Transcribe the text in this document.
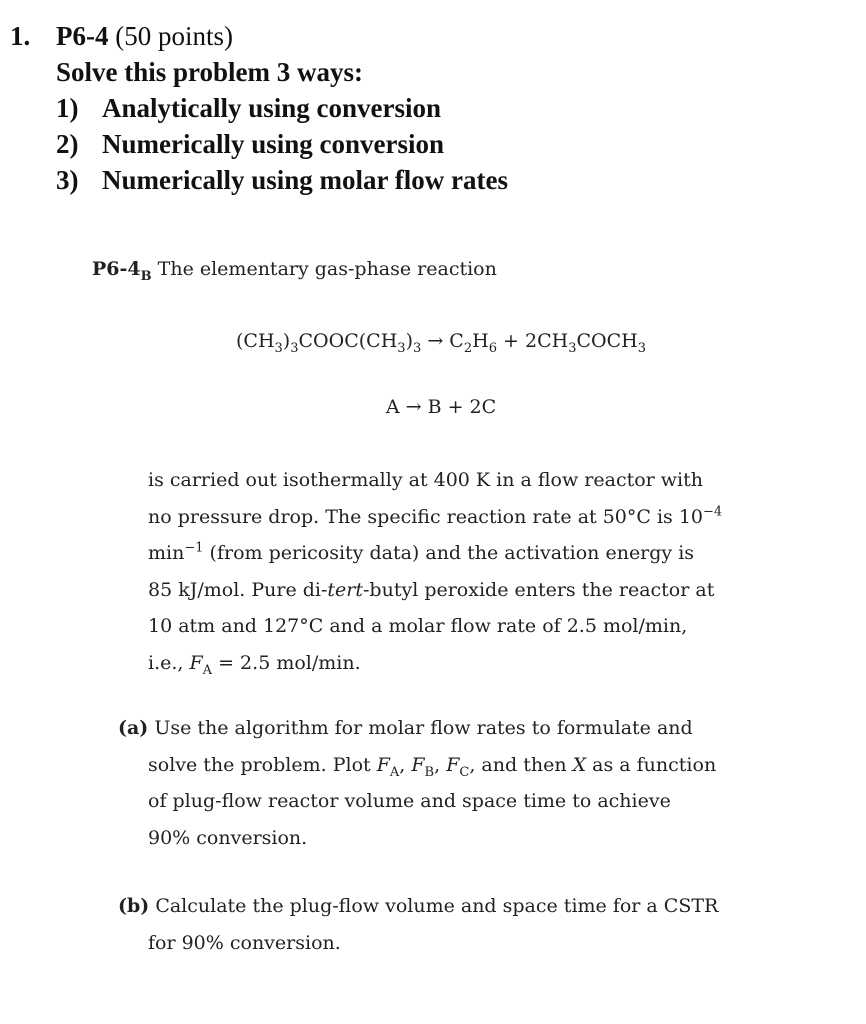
1. P6-4 (50 points)
Solve this problem 3 ways:
1) Analytically using conversion
2) Numerically using conversion
3) Numerically using molar flow rates
$P6-4_B$ The elementary gas-phase reaction
$(CH_3)_3COOC(CH_3)_3 \to C_2H_6$ + $2CH_3COCH_3$
A → B + 2C
is carried out isothermally at 400 K in a flow reactor with
no pressure drop. The specific reaction rate at 50°C is $10^{-4}$
$\min^{-1}$ (from pericosity data) and the activation energy is
85 kJ/mol. Pure di-tert-butyl peroxide enters the reactor at
10 atm and 127°C and a molar flow rate of 2.5 mol/min,
i.e., $F_A = 2.5$ mol/min.
(a) Use the algorithm for molar flow rates to formulate and
solve the problem. Plot $F_A$, $F_B$, $F_C$, and then X as a function
of plug-flow reactor volume and space time to achieve
90% conversion.
(b) Calculate the plug-flow volume and space time for a CSTR
for 90% conversion.
